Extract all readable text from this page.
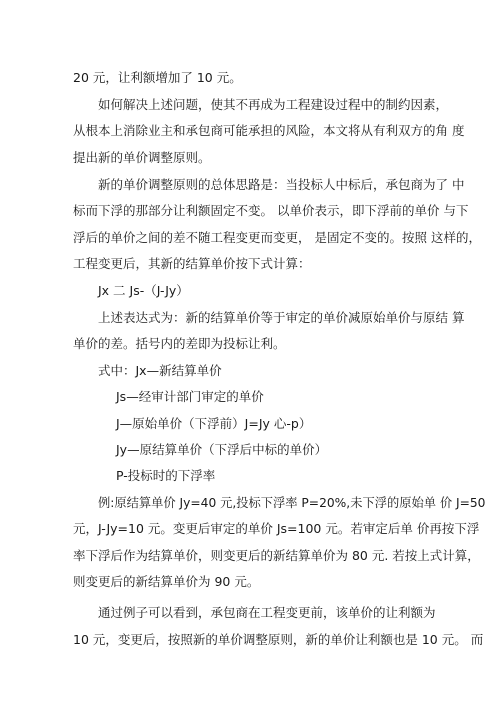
20 元，让利额增加了 10 元。
如何解决上述问题，使其不再成为工程建设过程中的制约因素，
从根本上消除业主和承包商可能承担的风险，本文将从有利双方的角 度
提出新的单价调整原则。
新的单价调整原则的总体思路是：当投标人中标后，承包商为了 中
标而下浮的那部分让利额固定不变。 以单价表示，即下浮前的单价 与下
浮后的单价之间的差不随工程变更而变更， 是固定不变的。按照 这样的，
工程变更后，其新的结算单价按下式计算：
Jx 二 Js-（J-Jy）
上述表达式为：新的结算单价等于审定的单价减原始单价与原结 算
单价的差。括号内的差即为投标让利。
式中：Jx—新结算单价
Js—经审计部门审定的单价
J—原始单价（下浮前）J=Jy 心-p）
Jy—原结算单价（下浮后中标的单价）
P-投标时的下浮率
例:原结算单价 Jy=40 元,投标下浮率 P=20%,未下浮的原始单 价 J=50
元，J-Jy=10 元。变更后审定的单价 Js=100 元。若审定后单 价再按下浮
率下浮后作为结算单价，则变更后的新结算单价为 80 元. 若按上式计算，
则变更后的新结算单价为 90 元。
通过例子可以看到，承包商在工程变更前，该单价的让利额为
10 元，变更后，按照新的单价调整原则，新的单价让利额也是 10 元。 而
